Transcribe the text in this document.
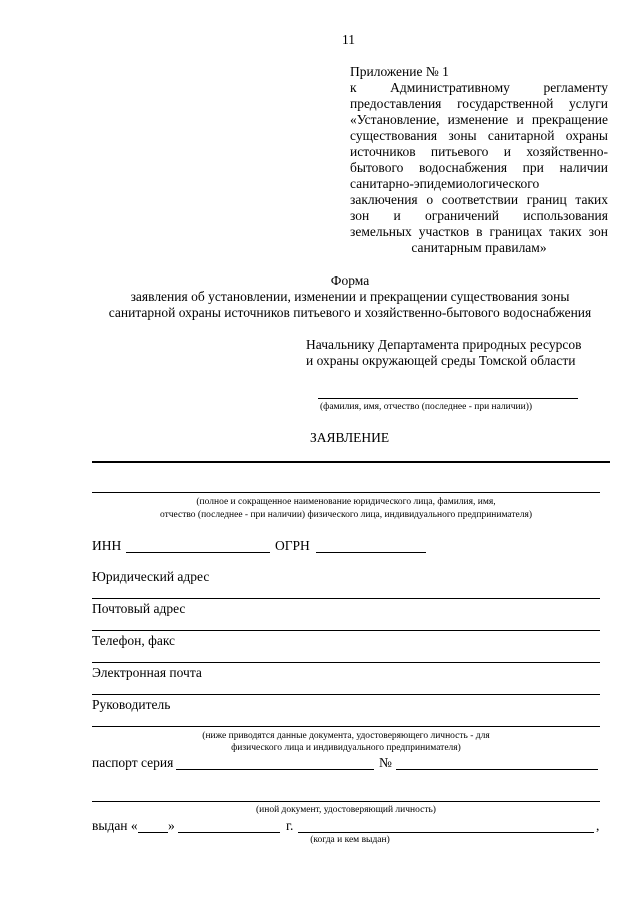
11
Приложение № 1
к Административному регламенту
предоставления государственной услуги
«Установление, изменение и прекращение
существования зоны санитарной охраны
источников питьевого и хозяйственно-
бытового водоснабжения при наличии
санитарно-эпидемиологического
заключения о соответствии границ таких
зон и ограничений использования
земельных участков в границах таких зон
санитарным правилам»
Форма
заявления об установлении, изменении и прекращении существования зоны
санитарной охраны источников питьевого и хозяйственно-бытового водоснабжения
Начальнику Департамента природных ресурсов
и охраны окружающей среды Томской области
(фамилия, имя, отчество (последнее - при наличии))
ЗАЯВЛЕНИЕ
(полное и сокращенное наименование юридического лица, фамилия, имя,
отчество (последнее - при наличии) физического лица, индивидуального предпринимателя)
ИНН	ОГРН
Юридический адрес
Почтовый адрес
Телефон, факс
Электронная почта
Руководитель
(ниже приводятся данные документа, удостоверяющего личность - для
физического лица и индивидуального предпринимателя)
паспорт серия	№
(иной документ, удостоверяющий личность)
выдан « »	г.	,
(когда и кем выдан)
